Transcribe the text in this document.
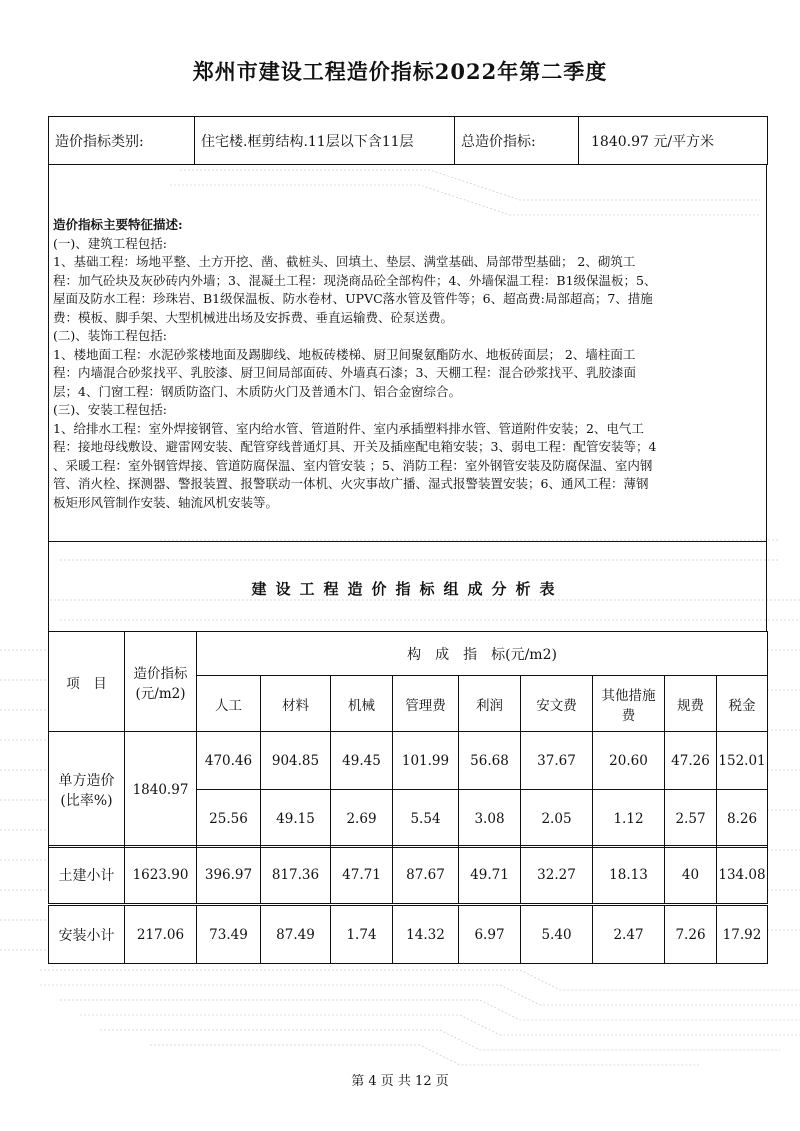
郑州市建设工程造价指标2022年第二季度
造价指标类别:	住宅楼.框剪结构.11层以下含11层	总造价指标:	1840.97 元/平方米
造价指标主要特征描述:
(一)、建筑工程包括:
1、基础工程：场地平整、土方开挖、凿、截桩头、回填土、垫层、满堂基础、局部带型基础； 2、砌筑工
程：加气砼块及灰砂砖内外墙；3、混凝土工程：现浇商品砼全部构件；4、外墙保温工程：B1级保温板；5、
屋面及防水工程：珍珠岩、B1级保温板、防水卷材、UPVC落水管及管件等；6、超高费:局部超高；7、措施
费：模板、脚手架、大型机械进出场及安拆费、垂直运输费、砼泵送费。
(二)、装饰工程包括:
1、楼地面工程：水泥砂浆楼地面及踢脚线、地板砖楼梯、厨卫间聚氨酯防水、地板砖面层； 2、墙柱面工
程：内墙混合砂浆找平、乳胶漆、厨卫间局部面砖、外墙真石漆；3、天棚工程：混合砂浆找平、乳胶漆面
层；4、门窗工程：钢质防盗门、木质防火门及普通木门、铝合金窗综合。
(三)、安装工程包括:
1、给排水工程：室外焊接钢管、室内给水管、管道附件、室内承插塑料排水管、管道附件安装；2、电气工
程：接地母线敷设、避雷网安装、配管穿线普通灯具、开关及插座配电箱安装；3、弱电工程：配管安装等；4
、采暖工程：室外钢管焊接、管道防腐保温、室内管安装 ；5、消防工程：室外钢管安装及防腐保温、室内钢
管、消火栓、探测器、警报装置、报警联动一体机、火灾事故广播、湿式报警装置安装；6、通风工程：薄钢
板矩形风管制作安装、轴流风机安装等。
建设工程造价指标组成分析表
项　目	造价指标
(元/m2)	构　成　指　标(元/m2)								
		人工	材料	机械	管理费	利润	安文费	其他措施费	规费	税金
单方造价
(比率%)	1840.97	470.46	904.85	49.45	101.99	56.68	37.67	20.60	47.26	152.01
		25.56	49.15	2.69	5.54	3.08	2.05	1.12	2.57	8.26
土建小计	1623.90	396.97	817.36	47.71	87.67	49.71	32.27	18.13	40	134.08
安装小计	217.06	73.49	87.49	1.74	14.32	6.97	5.40	2.47	7.26	17.92
第 4 页 共 12 页
